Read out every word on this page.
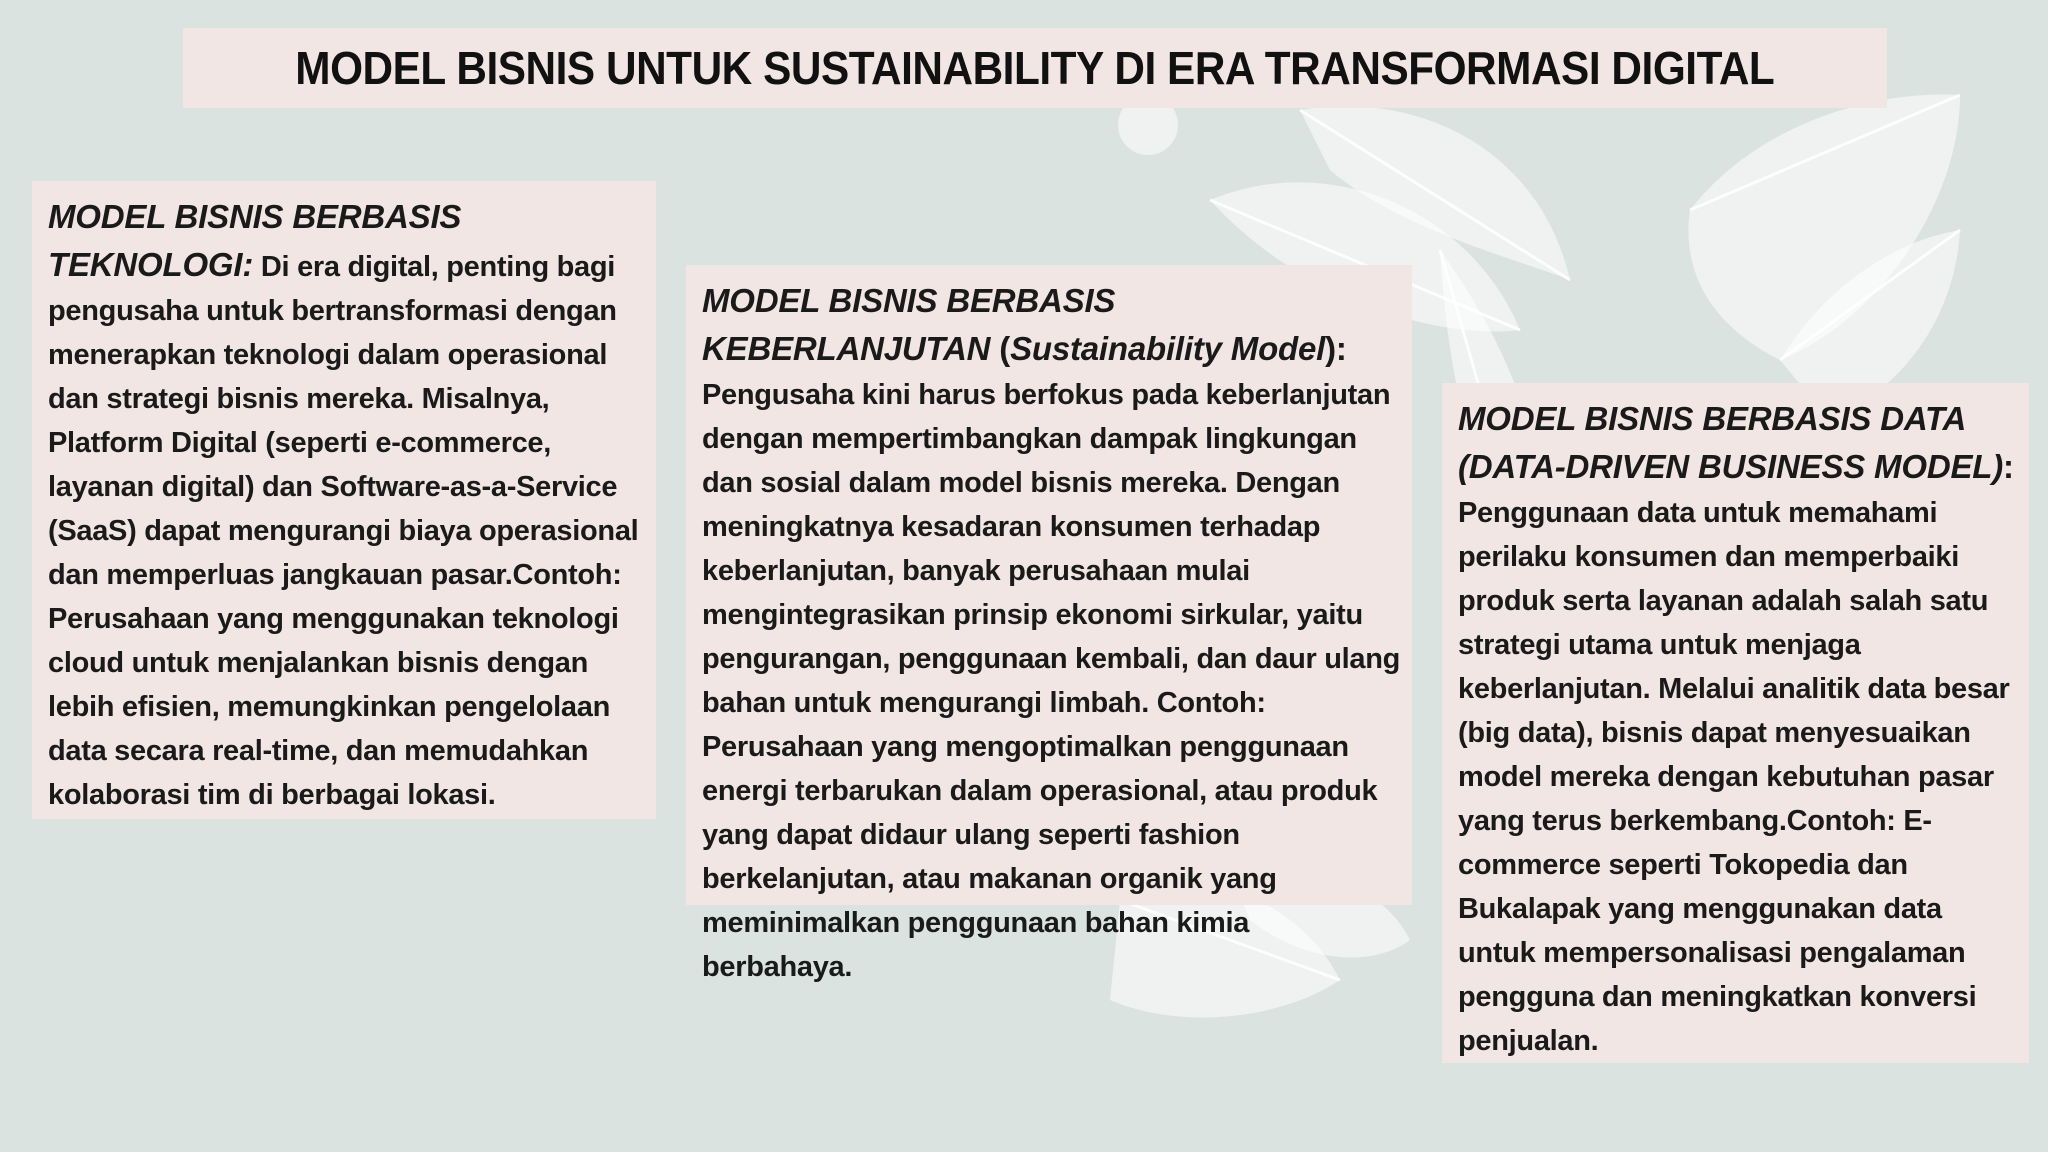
MODEL BISNIS UNTUK SUSTAINABILITY DI ERA TRANSFORMASI DIGITAL

MODEL BISNIS BERBASIS TEKNOLOGI: Di era digital, penting bagi pengusaha untuk bertransformasi dengan menerapkan teknologi dalam operasional dan strategi bisnis mereka. Misalnya, Platform Digital (seperti e-commerce, layanan digital) dan Software-as-a-Service (SaaS) dapat mengurangi biaya operasional dan memperluas jangkauan pasar.Contoh: Perusahaan yang menggunakan teknologi cloud untuk menjalankan bisnis dengan lebih efisien, memungkinkan pengelolaan data secara real-time, dan memudahkan kolaborasi tim di berbagai lokasi.

MODEL BISNIS BERBASIS KEBERLANJUTAN (Sustainability Model): Pengusaha kini harus berfokus pada keberlanjutan dengan mempertimbangkan dampak lingkungan dan sosial dalam model bisnis mereka. Dengan meningkatnya kesadaran konsumen terhadap keberlanjutan, banyak perusahaan mulai mengintegrasikan prinsip ekonomi sirkular, yaitu pengurangan, penggunaan kembali, dan daur ulang bahan untuk mengurangi limbah. Contoh: Perusahaan yang mengoptimalkan penggunaan energi terbarukan dalam operasional, atau produk yang dapat didaur ulang seperti fashion berkelanjutan, atau makanan organik yang meminimalkan penggunaan bahan kimia berbahaya.

MODEL BISNIS BERBASIS DATA (DATA-DRIVEN BUSINESS MODEL): Penggunaan data untuk memahami perilaku konsumen dan memperbaiki produk serta layanan adalah salah satu strategi utama untuk menjaga keberlanjutan. Melalui analitik data besar (big data), bisnis dapat menyesuaikan model mereka dengan kebutuhan pasar yang terus berkembang.Contoh: E-commerce seperti Tokopedia dan Bukalapak yang menggunakan data untuk mempersonalisasi pengalaman pengguna dan meningkatkan konversi penjualan.
